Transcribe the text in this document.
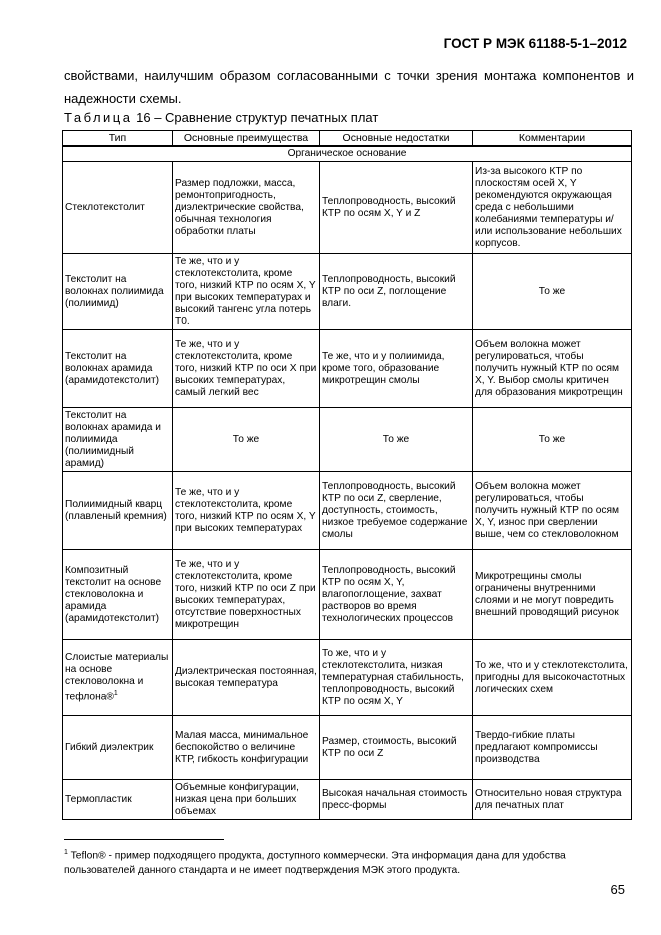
ГОСТ Р МЭК 61188-5-1–2012
свойствами, наилучшим образом согласованными с точки зрения монтажа компонентов и надежности схемы.
Таблица 16 – Сравнение структур печатных плат
Тип	Основные преимущества	Основные недостатки	Комментарии
Органическое основание			
Стеклотекстолит	Размер подложки, масса, ремонтопригодность, диэлектрические свойства, обычная технология обработки платы	Теплопроводность, высокий КТР по осям X, Y и Z	Из-за высокого КТР по плоскостям осей X, Y рекомендуются окружающая среда с небольшими колебаниями температуры и/или использование небольших корпусов.
Текстолит на волокнах полиимида (полиимид)	Те же, что и у стеклотекстолита, кроме того, низкий КТР по осям X, Y при высоких температурах и высокий тангенс угла потерь T0.	Теплопроводность, высокий КТР по оси Z, поглощение влаги.	То же
Текстолит на волокнах арамида (арамидотекстолит)	Те же, что и у стеклотекстолита, кроме того, низкий КТР по оси X при высоких температурах, самый легкий вес	Те же, что и у полиимида, кроме того, образование микротрещин смолы	Объем волокна может регулироваться, чтобы получить нужный КТР по осям X, Y. Выбор смолы критичен для образования микротрещин
Текстолит на волокнах арамида и полиимида (полиимидный арамид)	То же	То же	То же
Полиимидный кварц (плавленый кремния)	Те же, что и у стеклотекстолита, кроме того, низкий КТР по осям X, Y при высоких температурах	Теплопроводность, высокий КТР по оси Z, сверление, доступность, стоимость, низкое требуемое содержание смолы	Объем волокна может регулироваться, чтобы получить нужный КТР по осям X, Y, износ при сверлении выше, чем со стекловолокном
Композитный текстолит на основе стекловолокна и арамида (арамидотекстолит)	Те же, что и у стеклотекстолита, кроме того, низкий КТР по оси Z при высоких температурах, отсутствие поверхностных микротрещин	Теплопроводность, высокий КТР по осям X, Y, влагопоглощение, захват растворов во время технологических процессов	Микротрещины смолы ограничены внутренними слоями и не могут повредить внешний проводящий рисунок
Слоистые материалы на основе стекловолокна и тефлона®$^1$	Диэлектрическая постоянная, высокая температура	То же, что и у стеклотекстолита, низкая температурная стабильность, теплопроводность, высокий КТР по осям X, Y	То же, что и у стеклотекстолита, пригодны для высокочастотных логических схем
Гибкий диэлектрик	Малая масса, минимальное беспокойство о величине КТР, гибкость конфигурации	Размер, стоимость, высокий КТР по оси Z	Твердо-гибкие платы предлагают компромиссы производства
Термопластик	Объемные конфигурации, низкая цена при больших объемах	Высокая начальная стоимость пресс-формы	Относительно новая структура для печатных плат
$^1$ Teflon® - пример подходящего продукта, доступного коммерчески. Эта информация дана для удобства пользователей данного стандарта и не имеет подтверждения МЭК этого продукта.
65
